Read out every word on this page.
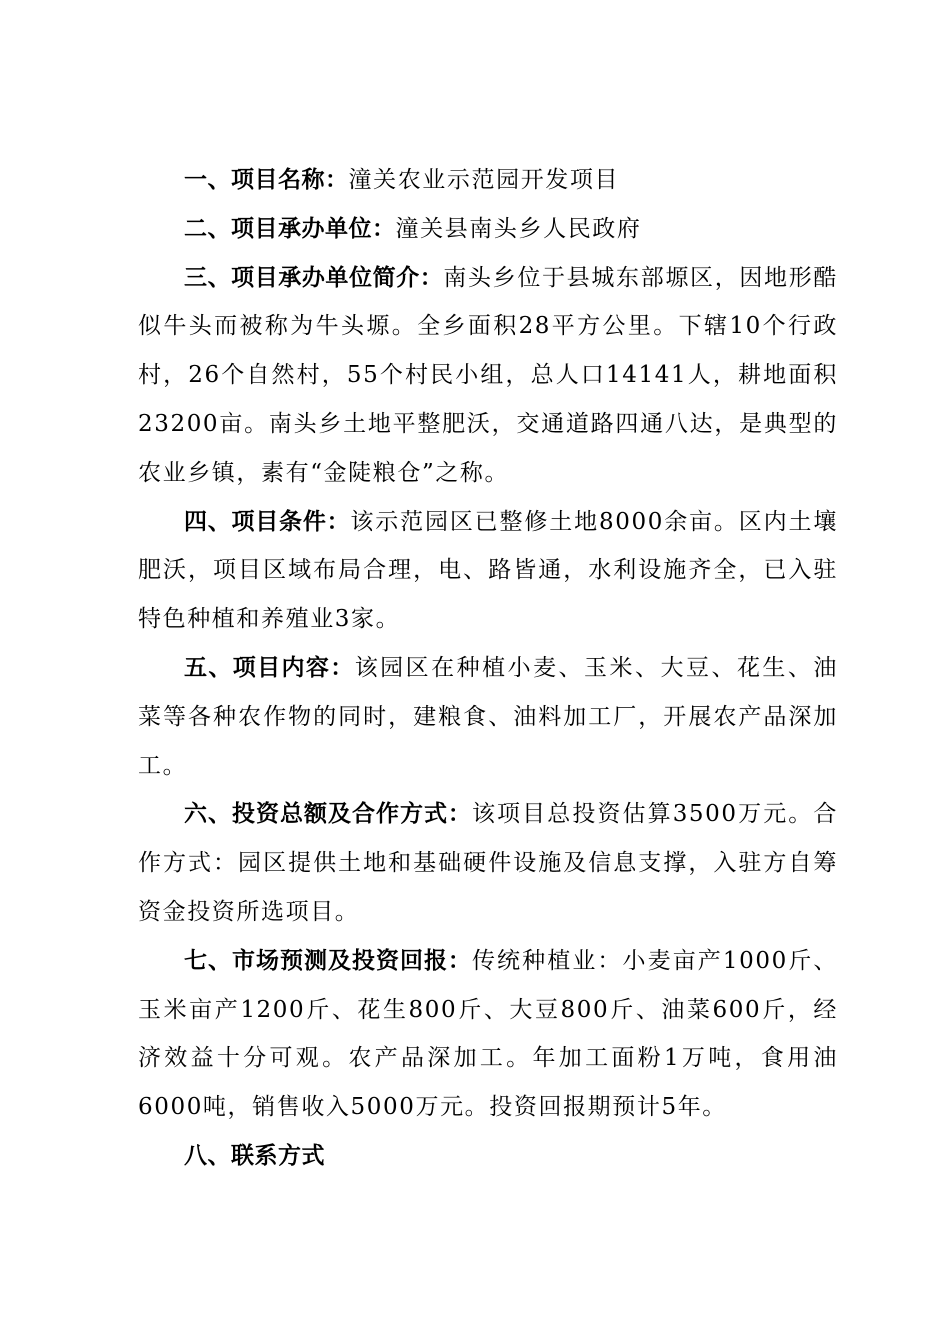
一、项目名称：潼关农业示范园开发项目

二、项目承办单位：潼关县南头乡人民政府

三、项目承办单位简介：南头乡位于县城东部塬区，因地形酷似牛头而被称为牛头塬。全乡面积28平方公里。下辖10个行政村，26个自然村，55个村民小组，总人口14141人，耕地面积23200亩。南头乡土地平整肥沃，交通道路四通八达，是典型的农业乡镇，素有“金陡粮仓”之称。

四、项目条件：该示范园区已整修土地8000余亩。区内土壤肥沃，项目区域布局合理，电、路皆通，水利设施齐全，已入驻特色种植和养殖业3家。

五、项目内容：该园区在种植小麦、玉米、大豆、花生、油菜等各种农作物的同时，建粮食、油料加工厂，开展农产品深加工。

六、投资总额及合作方式：该项目总投资估算3500万元。合作方式：园区提供土地和基础硬件设施及信息支撑，入驻方自筹资金投资所选项目。

七、市场预测及投资回报：传统种植业：小麦亩产1000斤、玉米亩产1200斤、花生800斤、大豆800斤、油菜600斤，经济效益十分可观。农产品深加工。年加工面粉1万吨，食用油6000吨，销售收入5000万元。投资回报期预计5年。

八、联系方式
